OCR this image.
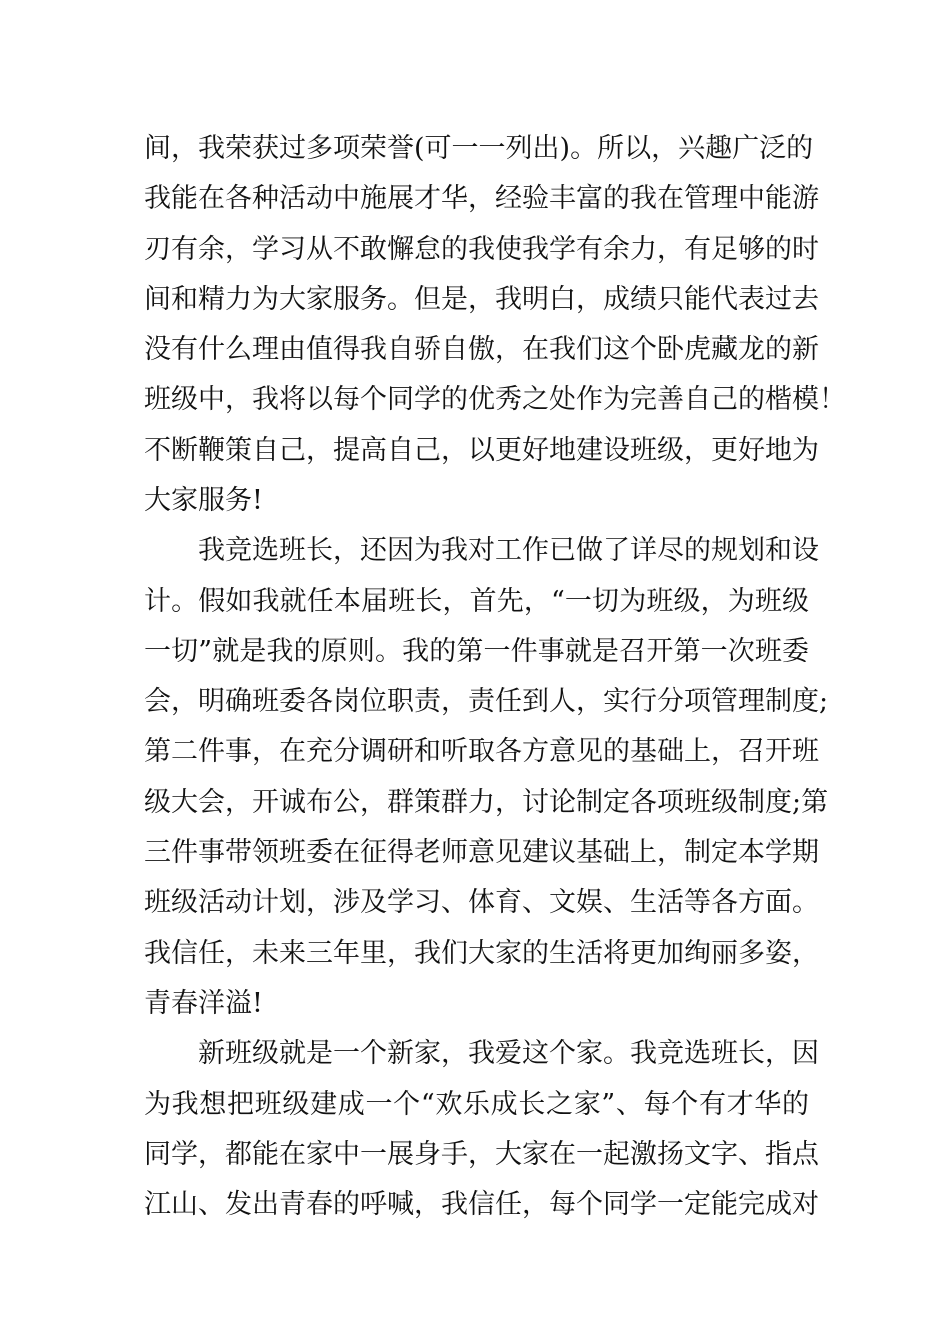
间，我荣获过多项荣誉(可一一列出)。所以，兴趣广泛的
我能在各种活动中施展才华，经验丰富的我在管理中能游
刃有余，学习从不敢懈怠的我使我学有余力，有足够的时
间和精力为大家服务。但是，我明白，成绩只能代表过去
没有什么理由值得我自骄自傲，在我们这个卧虎藏龙的新
班级中，我将以每个同学的优秀之处作为完善自己的楷模！
不断鞭策自己，提高自己，以更好地建设班级，更好地为
大家服务!
我竞选班长，还因为我对工作已做了详尽的规划和设
计。假如我就任本届班长，首先，“一切为班级，为班级
一切”就是我的原则。我的第一件事就是召开第一次班委
会，明确班委各岗位职责，责任到人，实行分项管理制度;
第二件事，在充分调研和听取各方意见的基础上，召开班
级大会，开诚布公，群策群力，讨论制定各项班级制度;第
三件事带领班委在征得老师意见建议基础上，制定本学期
班级活动计划，涉及学习、体育、文娱、生活等各方面。
我信任，未来三年里，我们大家的生活将更加绚丽多姿，
青春洋溢!
新班级就是一个新家，我爱这个家。我竞选班长，因
为我想把班级建成一个“欢乐成长之家”、每个有才华的
同学，都能在家中一展身手，大家在一起激扬文字、指点
江山、发出青春的呼喊，我信任，每个同学一定能完成对
